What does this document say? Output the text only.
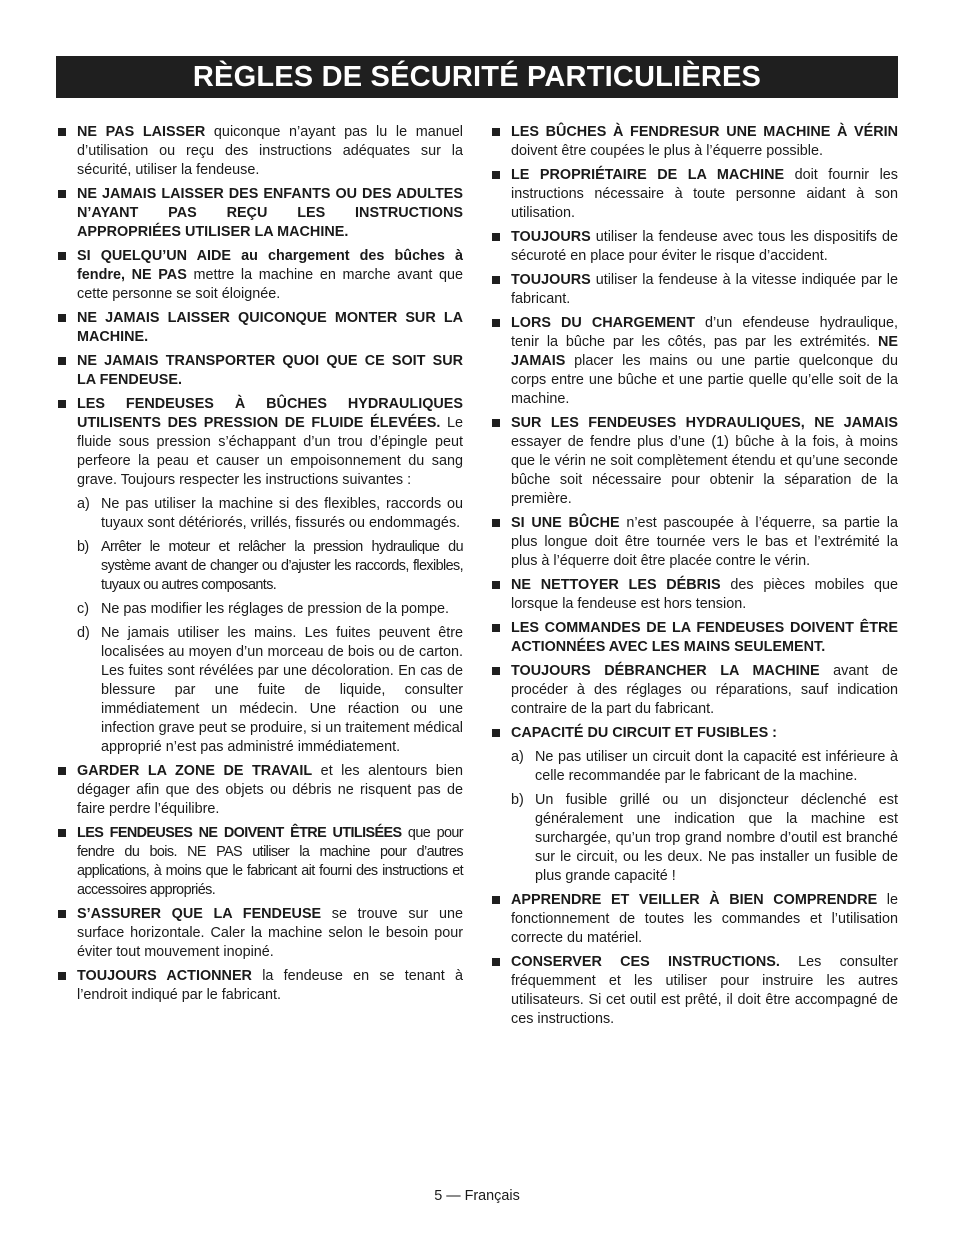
RÈGLES DE SÉCURITÉ PARTICULIÈRES
NE PAS LAISSER quiconque n’ayant pas lu le manuel d’utilisation ou reçu des instructions adéquates sur la sécurité, utiliser la fendeuse.
NE JAMAIS LAISSER DES ENFANTS OU DES ADULTES N’AYANT PAS REÇU LES INSTRUCTIONS APPROPRIÉES UTILISER LA MACHINE.
SI QUELQU’UN AIDE au chargement des bûches à fendre, NE PAS mettre la machine en marche avant que cette personne se soit éloignée.
NE JAMAIS LAISSER QUICONQUE MONTER SUR LA MACHINE.
NE JAMAIS TRANSPORTER QUOI QUE CE SOIT SUR LA FENDEUSE.
LES FENDEUSES À BÛCHES HYDRAULIQUES UTILISENTS DES PRESSION DE FLUIDE ÉLEVÉES. Le fluide sous pression s’échappant d’un trou d’épingle peut perfeore la peau et causer un empoisonnement du sang grave. Toujours respecter les instructions suivantes :
a) Ne pas utiliser la machine si des flexibles, raccords ou tuyaux sont détériorés, vrillés, fissurés ou endommagés.
b) Arrêter le moteur et relâcher la pression hydraulique du système avant de changer ou d’ajuster les raccords, flexibles, tuyaux ou autres composants.
c) Ne pas modifier les réglages de pression de la pompe.
d) Ne jamais utiliser les mains. Les fuites peuvent être localisées au moyen d’un morceau de bois ou de carton. Les fuites sont révélées par une décoloration. En cas de blessure par une fuite de liquide, consulter immédiatement un médecin. Une réaction ou une infection grave peut se produire, si un traitement médical approprié n’est pas administré immédiatement.
GARDER LA ZONE DE TRAVAIL et les alentours bien dégager afin que des objets ou débris ne risquent pas de faire perdre l’équilibre.
LES FENDEUSES NE DOIVENT ÊTRE UTILISÉES que pour fendre du bois. NE PAS utiliser la machine pour d’autres applications, à moins que le fabricant ait fourni des instructions et accessoires appropriés.
S’ASSURER QUE LA FENDEUSE se trouve sur une surface horizontale. Caler la machine selon le besoin pour éviter tout mouvement inopiné.
TOUJOURS ACTIONNER la fendeuse en se tenant à l’endroit indiqué par le fabricant.
LES BÛCHES À FENDRESUR UNE MACHINE À VÉRIN doivent être coupées le plus à l’équerre possible.
LE PROPRIÉTAIRE DE LA MACHINE doit fournir les instructions nécessaire à toute personne aidant à son utilisation.
TOUJOURS utiliser la fendeuse avec tous les dispositifs de sécuroté en place pour éviter le risque d’accident.
TOUJOURS utiliser la fendeuse à la vitesse indiquée par le fabricant.
LORS DU CHARGEMENT d’un efendeuse hydraulique, tenir la bûche par les côtés, pas par les extrémités. NE JAMAIS placer les mains ou une partie quelconque du corps entre une bûche et une partie quelle qu’elle soit de la machine.
SUR LES FENDEUSES HYDRAULIQUES, NE JAMAIS essayer de fendre plus d’une (1) bûche à la fois, à moins que le vérin ne soit complètement étendu et qu’une seconde bûche soit nécessaire pour obtenir la séparation de la première.
SI UNE BÛCHE n’est pascoupée à l’équerre, sa partie la plus longue doit être tournée vers le bas et l’extrémité la plus à l’équerre doit être placée contre le vérin.
NE NETTOYER LES DÉBRIS des pièces mobiles que lorsque la fendeuse est hors tension.
LES COMMANDES DE LA FENDEUSES DOIVENT ÊTRE ACTIONNÉES AVEC LES MAINS SEULEMENT.
TOUJOURS DÉBRANCHER LA MACHINE avant de procéder à des réglages ou réparations, sauf indication contraire de la part du fabricant.
CAPACITÉ DU CIRCUIT ET FUSIBLES :
a) Ne pas utiliser un circuit dont la capacité est inférieure à celle recommandée par le fabricant de la machine.
b) Un fusible grillé ou un disjoncteur déclenché est généralement une indication que la machine est surchargée, qu’un trop grand nombre d’outil est branché sur le circuit, ou les deux. Ne pas installer un fusible de plus grande capacité !
APPRENDRE ET VEILLER À BIEN COMPRENDRE le fonctionnement de toutes les commandes et l’utilisation correcte du matériel.
CONSERVER CES INSTRUCTIONS. Les consulter fréquemment et les utiliser pour instruire les autres utilisateurs. Si cet outil est prêté, il doit être accompagné de ces instructions.
5 — Français
